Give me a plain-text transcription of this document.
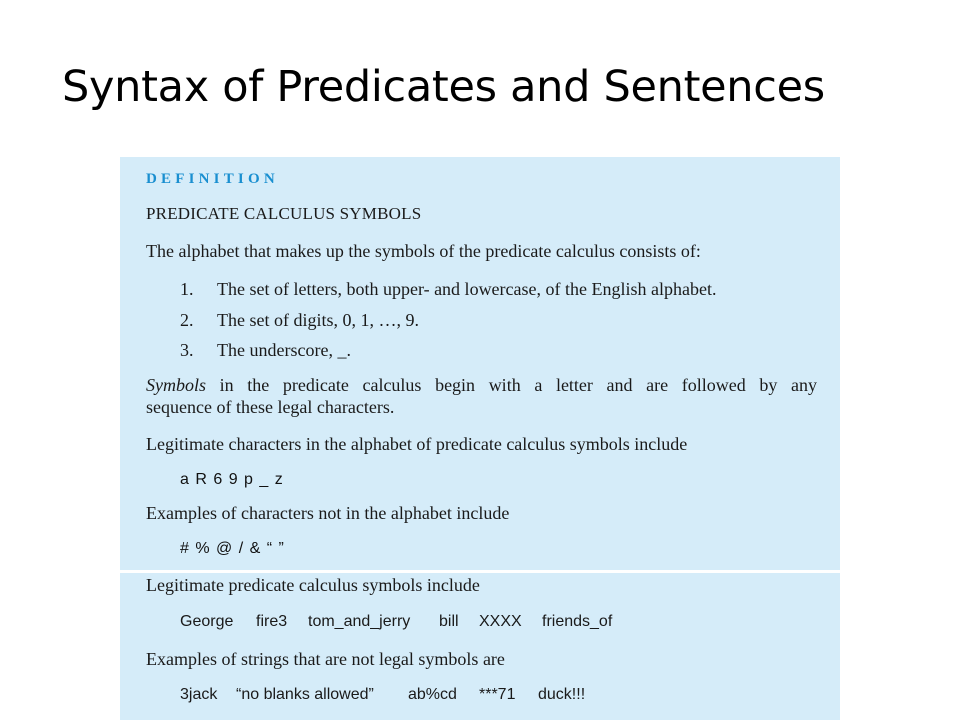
Syntax of Predicates and Sentences
DEFINITION
PREDICATE CALCULUS SYMBOLS
The alphabet that makes up the symbols of the predicate calculus consists of:
1. The set of letters, both upper- and lowercase, of the English alphabet.
2. The set of digits, 0, 1, …, 9.
3. The underscore, _.
Symbols in the predicate calculus begin with a letter and are followed by any
sequence of these legal characters.
Legitimate characters in the alphabet of predicate calculus symbols include
a R 6 9 p _ z
Examples of characters not in the alphabet include
# % @ / & “ ”
Legitimate predicate calculus symbols include
George fire3 tom_and_jerry bill XXXX friends_of
Examples of strings that are not legal symbols are
3jack “no blanks allowed” ab%cd ***71 duck!!!
